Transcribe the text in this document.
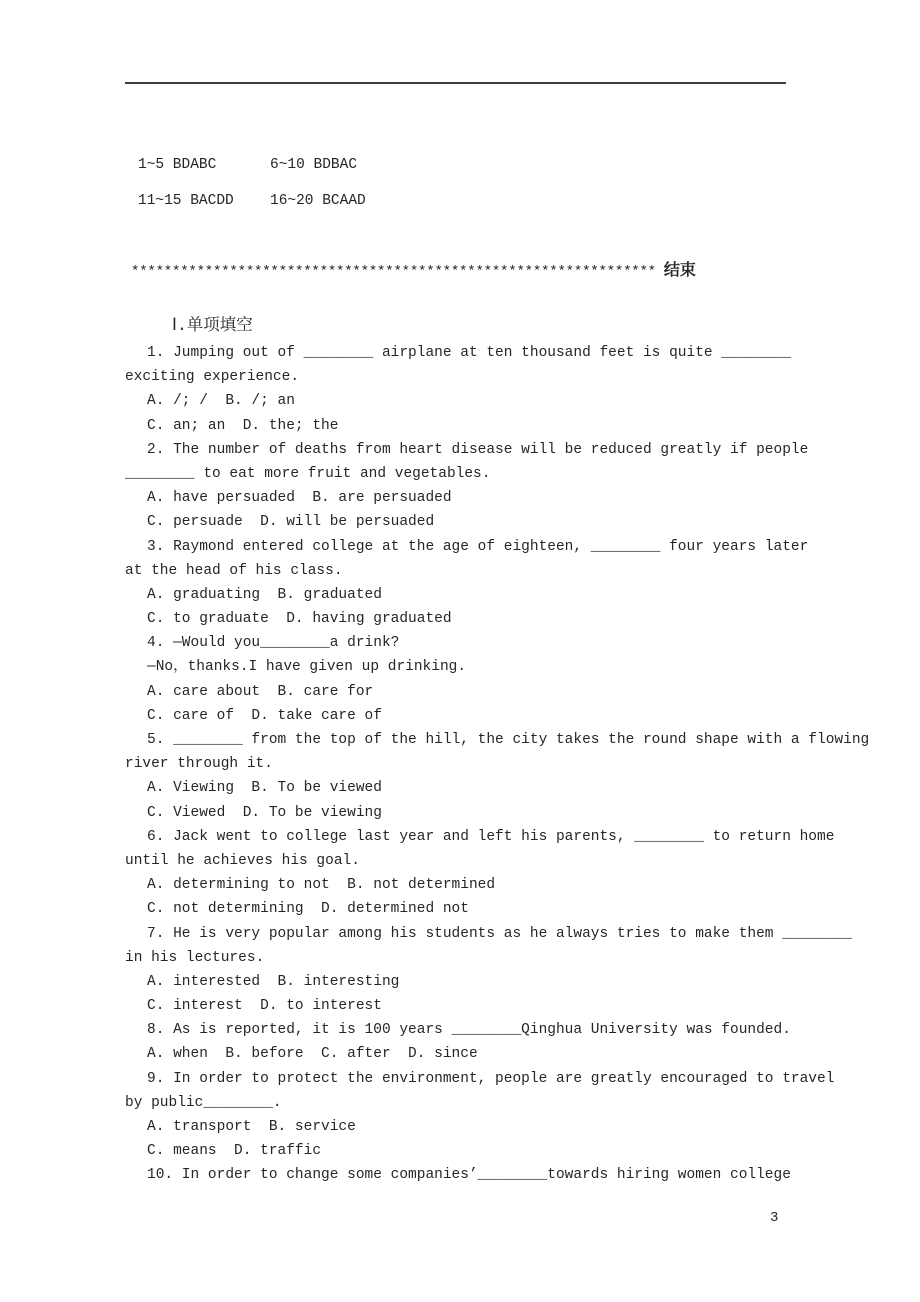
1~5 BDABC	6~10 BDBAC
11~15 BACDD	16~20 BCAAD
**************************************************************** 结束
Ⅰ.单项填空
1. Jumping out of ________ airplane at ten thousand feet is quite ________
exciting experience.
A. /; /  B. /; an
C. an; an  D. the; the
2. The number of deaths from heart disease will be reduced greatly if people
________ to eat more fruit and vegetables.
A. have persuaded  B. are persuaded
C. persuade  D. will be persuaded
3. Raymond entered college at the age of eighteen, ________ four years later
at the head of his class.
A. graduating  B. graduated
C. to graduate  D. having graduated
4. —Would you________a drink?
—No，thanks.I have given up drinking.
A. care about  B. care for
C. care of  D. take care of
5. ________ from the top of the hill, the city takes the round shape with a flowing
river through it.
A. Viewing  B. To be viewed
C. Viewed  D. To be viewing
6. Jack went to college last year and left his parents, ________ to return home
until he achieves his goal.
A. determining to not  B. not determined
C. not determining  D. determined not
7. He is very popular among his students as he always tries to make them ________
in his lectures.
A. interested  B. interesting
C. interest  D. to interest
8. As is reported, it is 100 years ________Qinghua University was founded.
A. when  B. before  C. after  D. since
9. In order to protect the environment, people are greatly encouraged to travel
by public________.
A. transport  B. service
C. means  D. traffic
10. In order to change some companies’________towards hiring women college
3
